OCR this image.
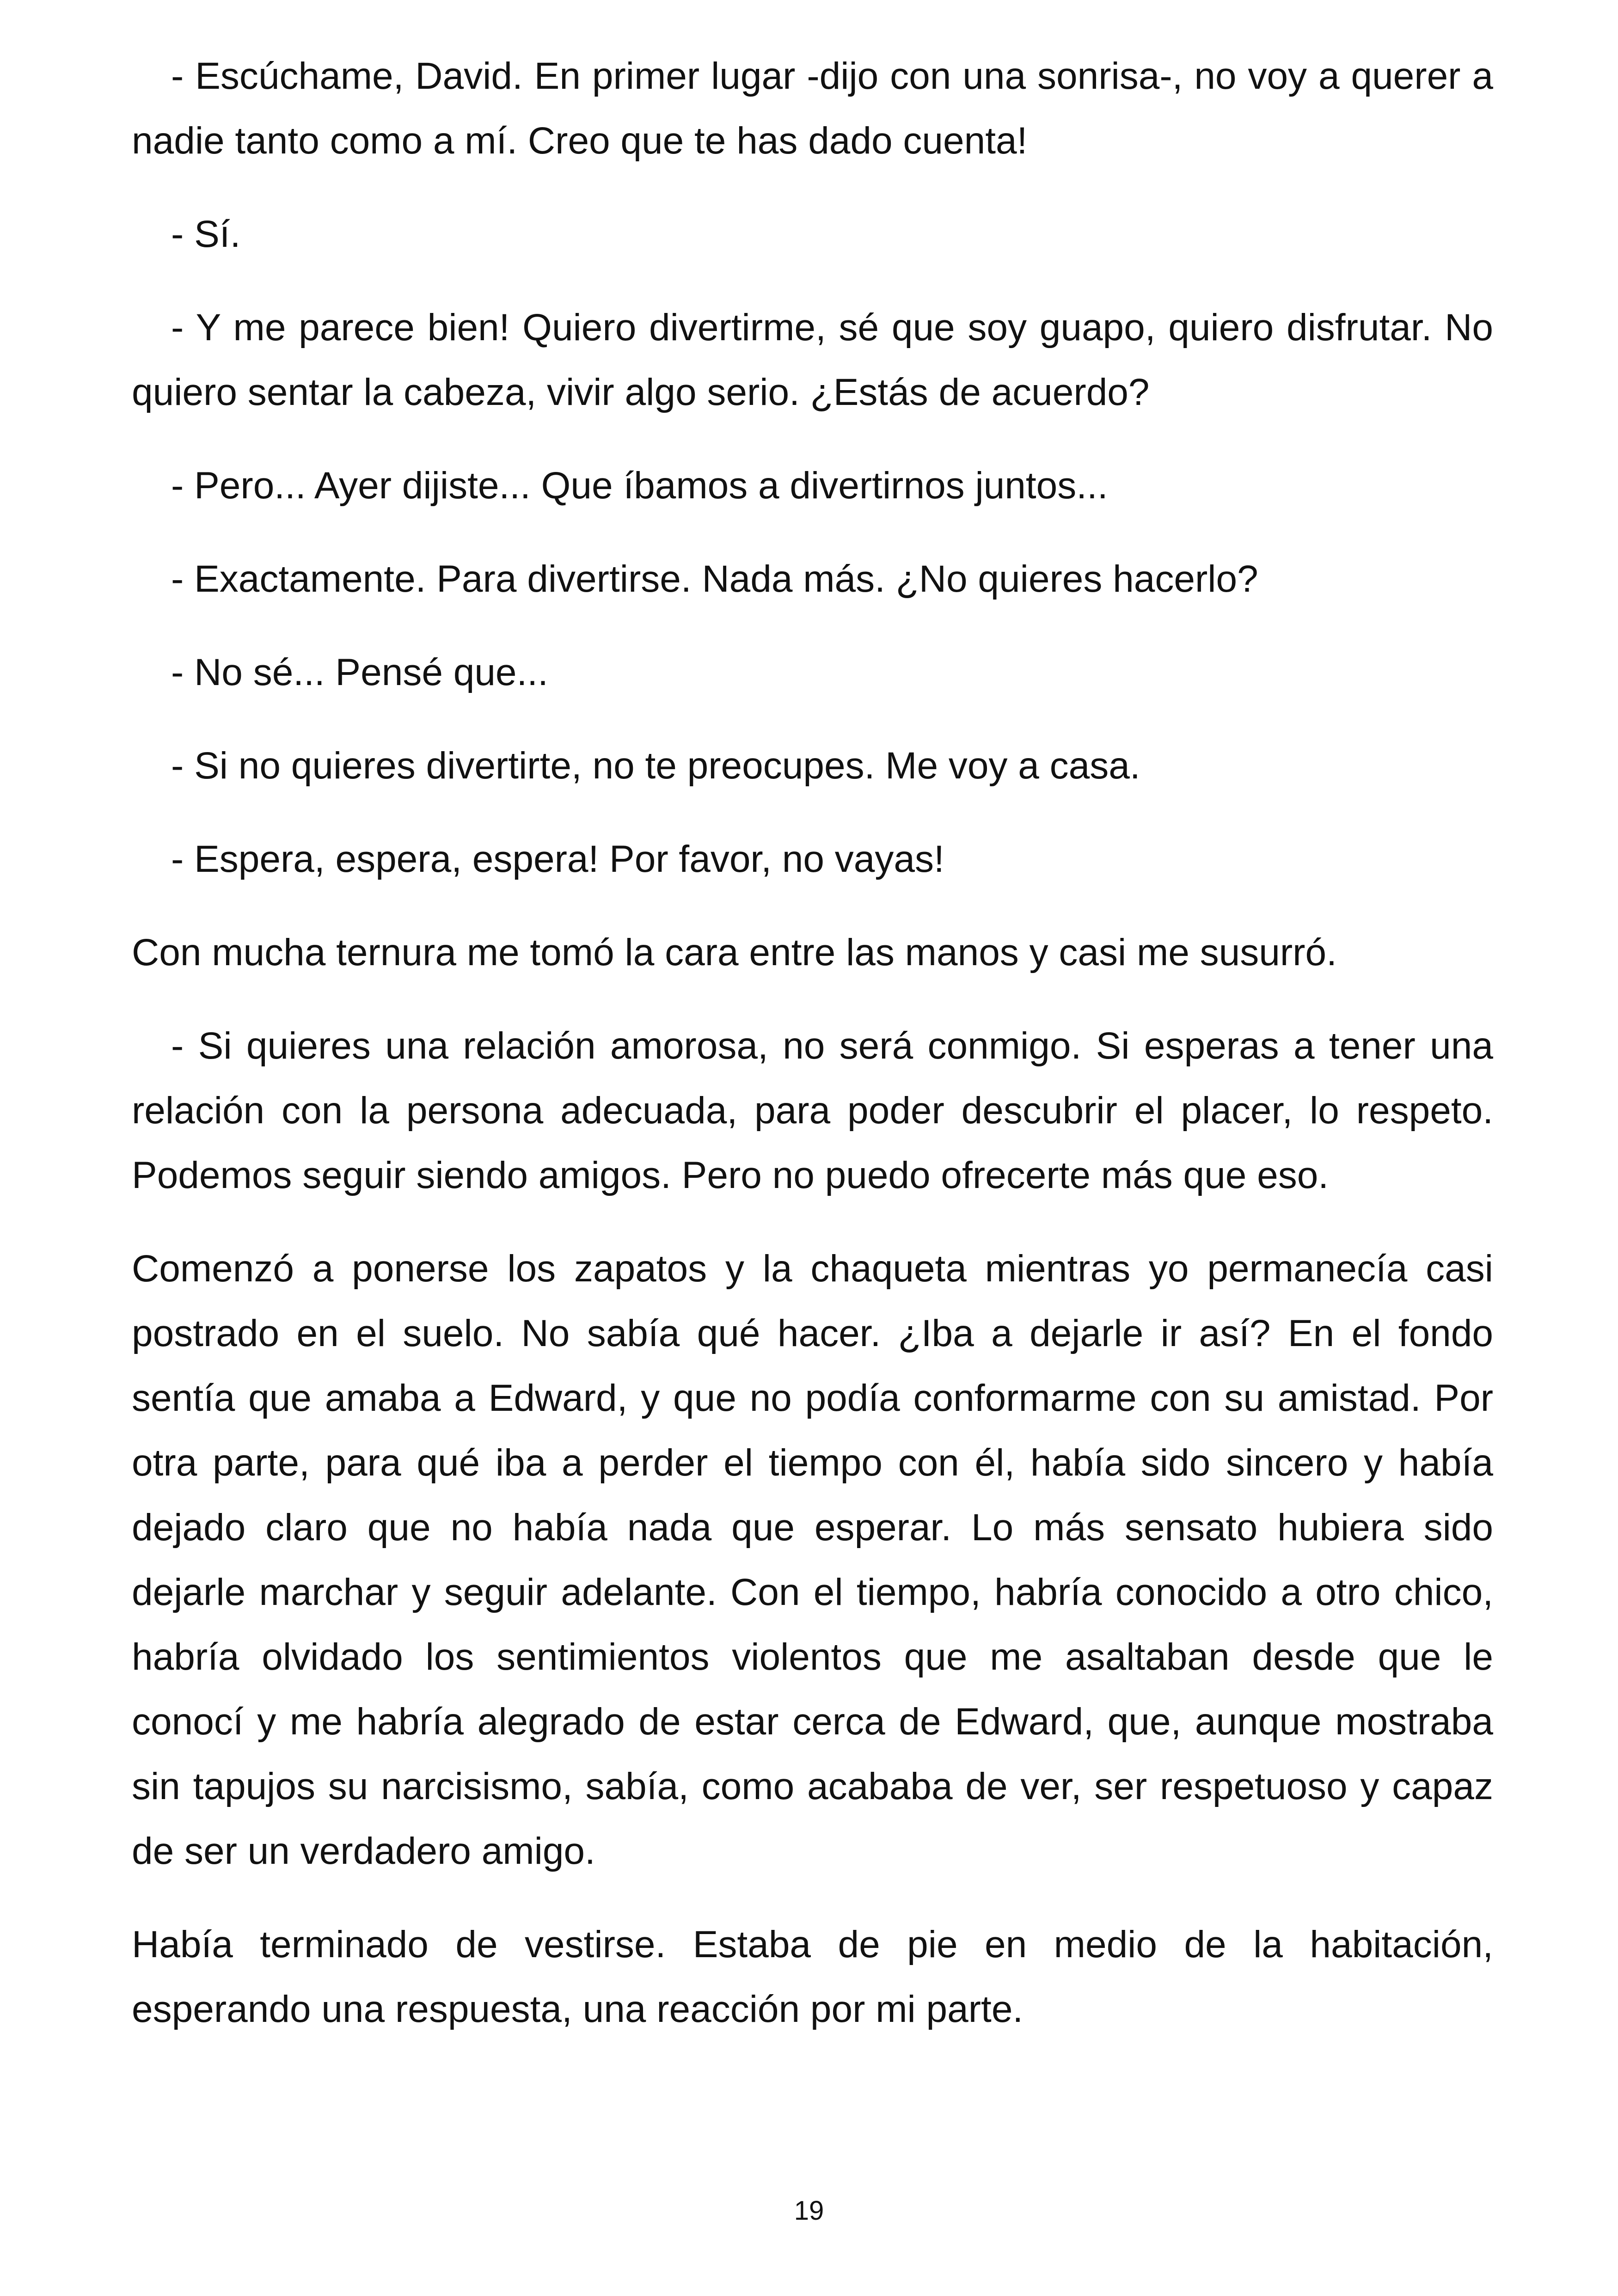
- Escúchame, David. En primer lugar -dijo con una sonrisa-, no voy a querer a nadie tanto como a mí. Creo que te has dado cuenta!

- Sí.

- Y me parece bien! Quiero divertirme, sé que soy guapo, quiero disfrutar. No quiero sentar la cabeza, vivir algo serio. ¿Estás de acuerdo?

- Pero... Ayer dijiste... Que íbamos a divertirnos juntos...

- Exactamente. Para divertirse. Nada más. ¿No quieres hacerlo?

- No sé... Pensé que...

- Si no quieres divertirte, no te preocupes. Me voy a casa.

- Espera, espera, espera! Por favor, no vayas!

Con mucha ternura me tomó la cara entre las manos y casi me susurró.

- Si quieres una relación amorosa, no será conmigo. Si esperas a tener una relación con la persona adecuada, para poder descubrir el placer, lo respeto. Podemos seguir siendo amigos. Pero no puedo ofrecerte más que eso.

Comenzó a ponerse los zapatos y la chaqueta mientras yo permanecía casi postrado en el suelo. No sabía qué hacer. ¿Iba a dejarle ir así? En el fondo sentía que amaba a Edward, y que no podía conformarme con su amistad. Por otra parte, para qué iba a perder el tiempo con él, había sido sincero y había dejado claro que no había nada que esperar. Lo más sensato hubiera sido dejarle marchar y seguir adelante. Con el tiempo, habría conocido a otro chico, habría olvidado los sentimientos violentos que me asaltaban desde que le conocí y me habría alegrado de estar cerca de Edward, que, aunque mostraba sin tapujos su narcisismo, sabía, como acababa de ver, ser respetuoso y capaz de ser un verdadero amigo.

Había terminado de vestirse. Estaba de pie en medio de la habitación, esperando una respuesta, una reacción por mi parte.

19
